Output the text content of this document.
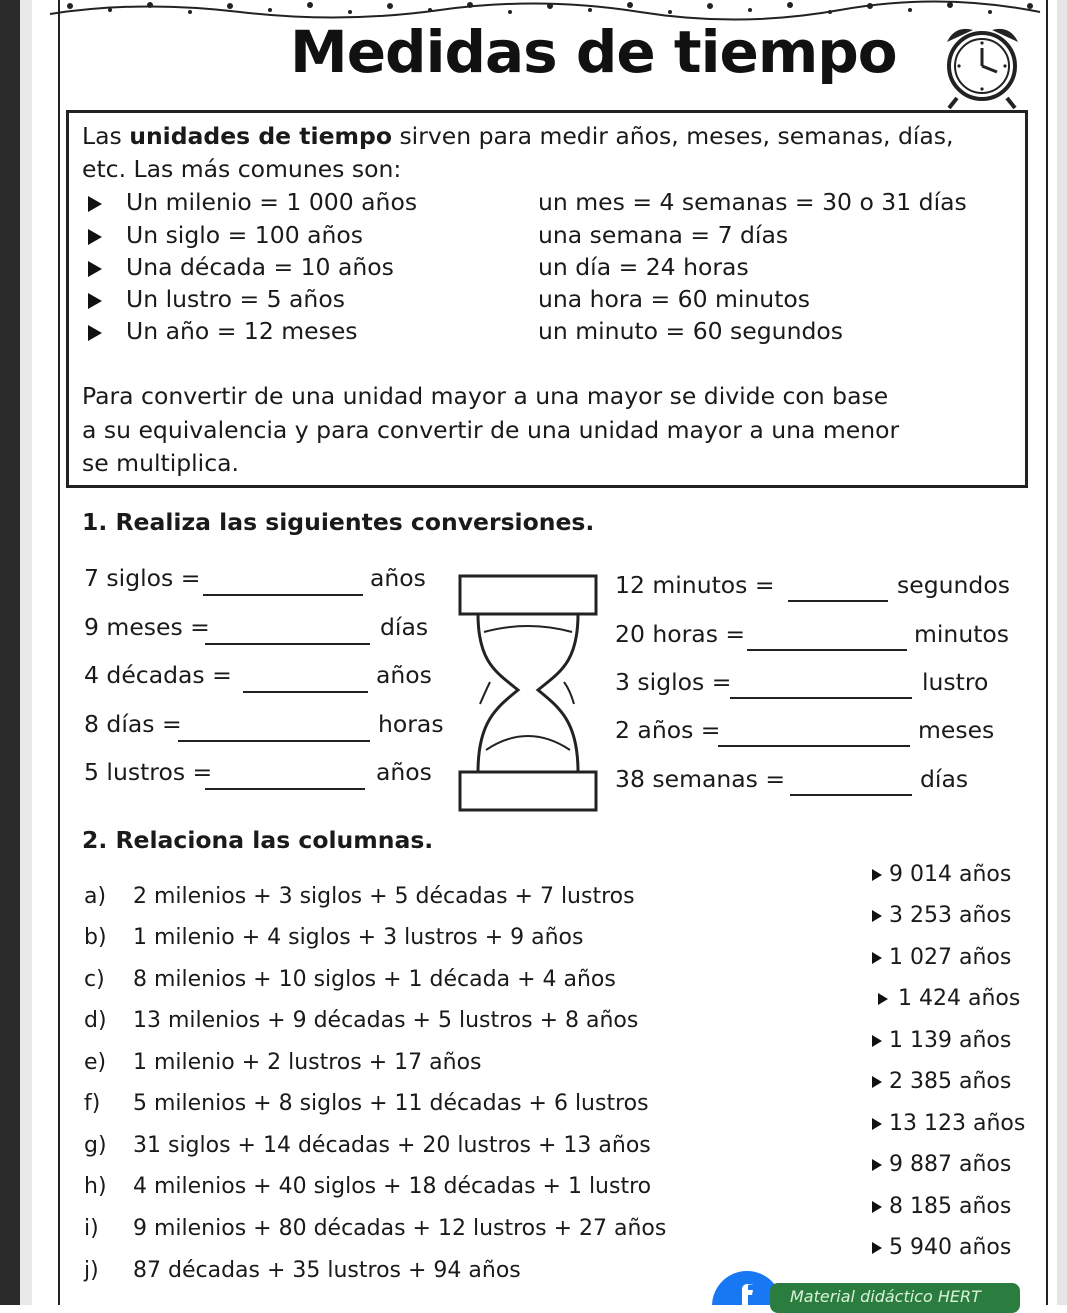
Medidas de tiempo
Las unidades de tiempo sirven para medir años, meses, semanas, días,
etc. Las más comunes son:
Un milenio = 1 000 años	un mes = 4 semanas = 30 o 31 días
Un siglo = 100 años	una semana = 7 días
Una década = 10 años	un día = 24 horas
Un lustro = 5 años	una hora = 60 minutos
Un año = 12 meses	un minuto = 60 segundos
Para convertir de una unidad mayor a una mayor se divide con base
a su equivalencia y para convertir de una unidad mayor a una menor
se multiplica.
1. Realiza las siguientes conversiones.
7 siglos =	años
9 meses =	días
4 décadas =	años
8 días =	horas
5 lustros =	años
12 minutos =	segundos
20 horas =	minutos
3 siglos =	lustro
2 años =	meses
38 semanas =	días
2. Relaciona las columnas.
a) 2 milenios + 3 siglos + 5 décadas + 7 lustros
b) 1 milenio + 4 siglos + 3 lustros + 9 años
c) 8 milenios + 10 siglos + 1 década + 4 años
d) 13 milenios + 9 décadas + 5 lustros + 8 años
e) 1 milenio + 2 lustros + 17 años
f) 5 milenios + 8 siglos + 11 décadas + 6 lustros
g) 31 siglos + 14 décadas + 20 lustros + 13 años
h) 4 milenios + 40 siglos + 18 décadas + 1 lustro
i) 9 milenios + 80 décadas + 12 lustros + 27 años
j) 87 décadas + 35 lustros + 94 años
9 014 años
3 253 años
1 027 años
1 424 años
1 139 años
2 385 años
13 123 años
9 887 años
8 185 años
5 940 años
Material didáctico HERT
